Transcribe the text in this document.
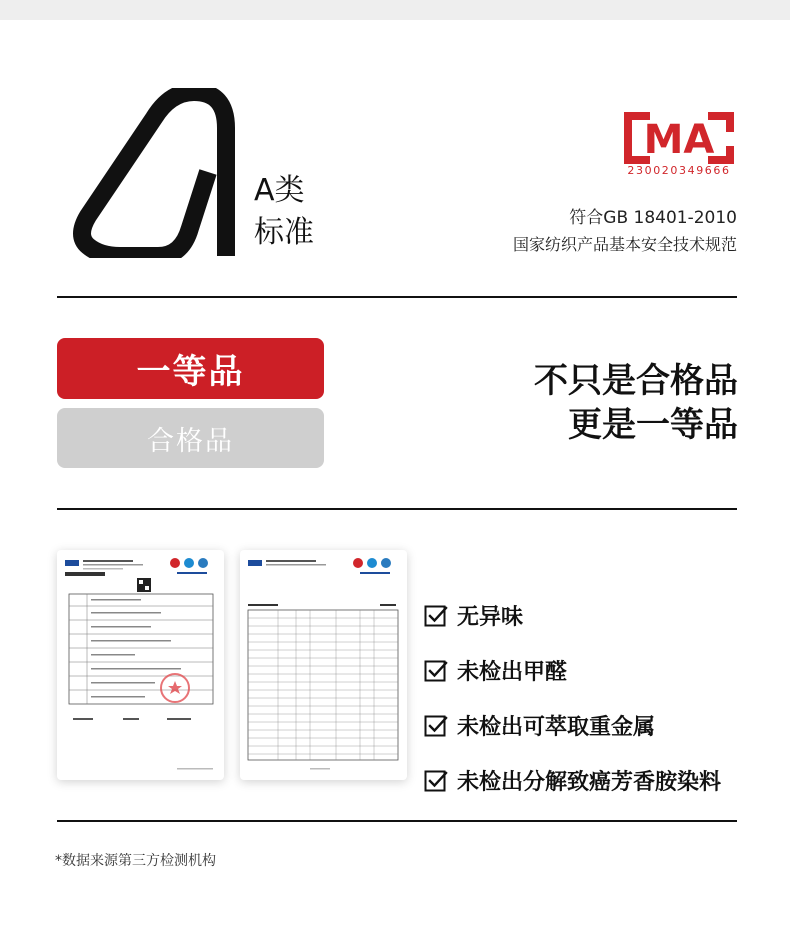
A类
标准
MA
230020349666
符合GB 18401-2010
国家纺织产品基本安全技术规范
一等品
合格品
不只是合格品
更是一等品
无异味
未检出甲醛
未检出可萃取重金属
未检出分解致癌芳香胺染料
*数据来源第三方检测机构
